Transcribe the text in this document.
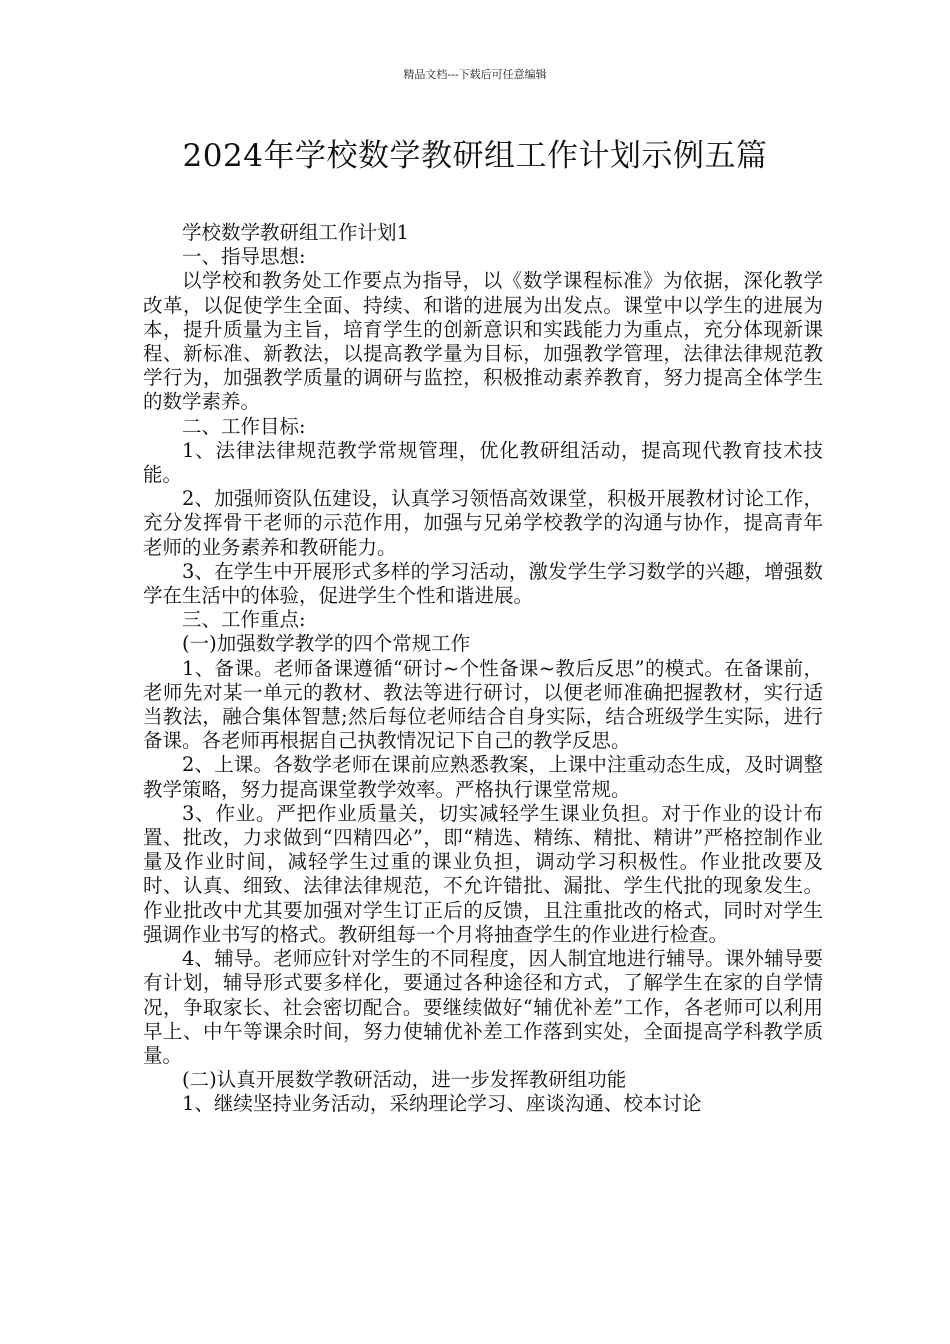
精品文档---下载后可任意编辑
2024年学校数学教研组工作计划示例五篇

学校数学教研组工作计划1

一、指导思想:

以学校和教务处工作要点为指导，以《数学课程标准》为依据，深化教学改革，以促使学生全面、持续、和谐的进展为出发点。课堂中以学生的进展为本，提升质量为主旨，培育学生的创新意识和实践能力为重点，充分体现新课程、新标准、新教法，以提高教学量为目标，加强教学管理，法律法律规范教学行为，加强教学质量的调研与监控，积极推动素养教育，努力提高全体学生的数学素养。

二、工作目标:

1、法律法律规范教学常规管理，优化教研组活动，提高现代教育技术技能。

2、加强师资队伍建设，认真学习领悟高效课堂，积极开展教材讨论工作，充分发挥骨干老师的示范作用，加强与兄弟学校教学的沟通与协作，提高青年老师的业务素养和教研能力。

3、在学生中开展形式多样的学习活动，激发学生学习数学的兴趣，增强数学在生活中的体验，促进学生个性和谐进展。

三、工作重点:

(一)加强数学教学的四个常规工作

1、备课。老师备课遵循“研讨~个性备课~教后反思”的模式。在备课前，老师先对某一单元的教材、教法等进行研讨，以便老师准确把握教材，实行适当教法，融合集体智慧;然后每位老师结合自身实际，结合班级学生实际，进行备课。各老师再根据自己执教情况记下自己的教学反思。

2、上课。各数学老师在课前应熟悉教案，上课中注重动态生成，及时调整教学策略，努力提高课堂教学效率。严格执行课堂常规。

3、作业。严把作业质量关，切实减轻学生课业负担。对于作业的设计布置、批改，力求做到“四精四必”，即“精选、精练、精批、精讲”严格控制作业量及作业时间，减轻学生过重的课业负担，调动学习积极性。作业批改要及时、认真、细致、法律法律规范，不允许错批、漏批、学生代批的现象发生。作业批改中尤其要加强对学生订正后的反馈，且注重批改的格式，同时对学生强调作业书写的格式。教研组每一个月将抽查学生的作业进行检查。

4、辅导。老师应针对学生的不同程度，因人制宜地进行辅导。课外辅导要有计划，辅导形式要多样化，要通过各种途径和方式，了解学生在家的自学情况，争取家长、社会密切配合。要继续做好“辅优补差”工作，各老师可以利用早上、中午等课余时间，努力使辅优补差工作落到实处，全面提高学科教学质量。

(二)认真开展数学教研活动，进一步发挥教研组功能

1、继续坚持业务活动，采纳理论学习、座谈沟通、校本讨论
